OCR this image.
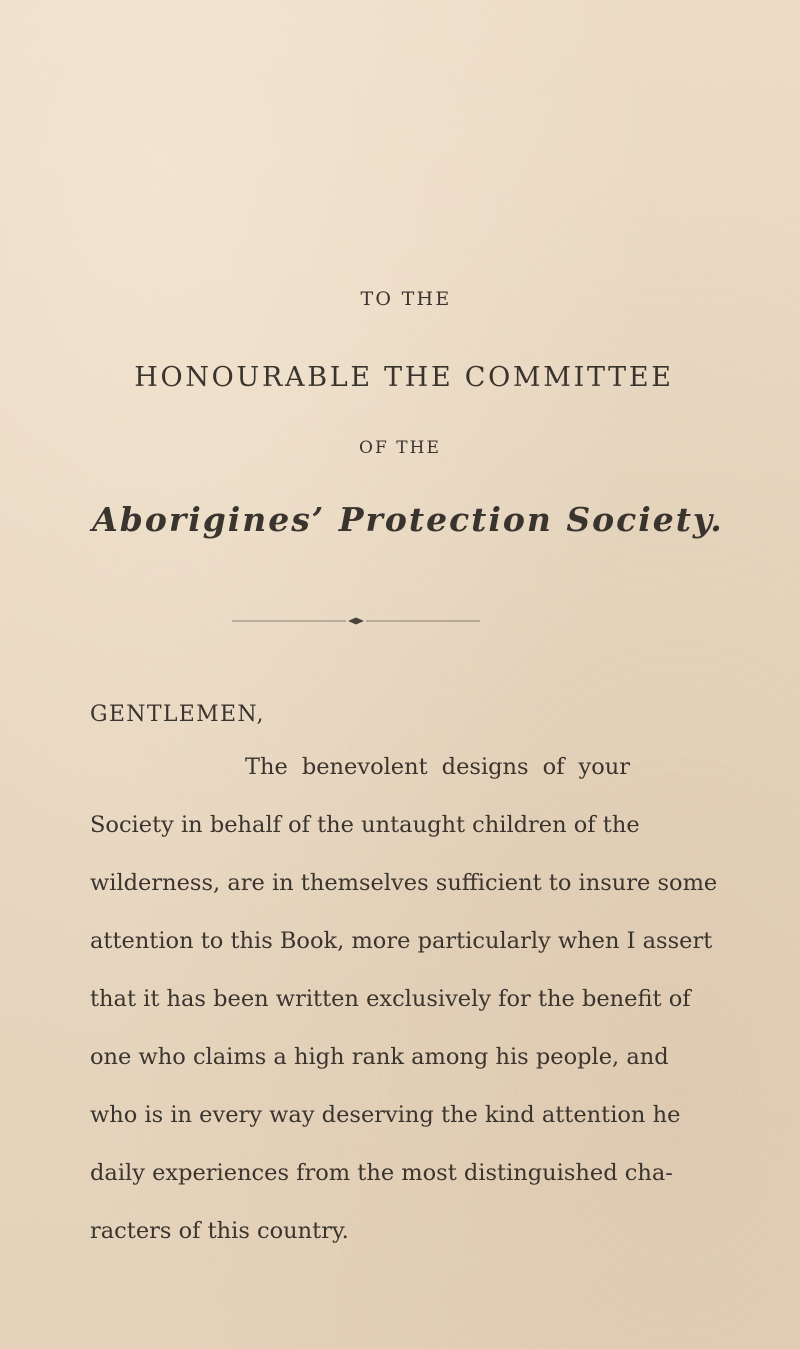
TO THE
HONOURABLE THE COMMITTEE
OF THE
Aborigines’ Protection Society.
GENTLEMEN,
The benevolent designs of your
Society in behalf of the untaught children of the
wilderness, are in themselves sufficient to insure some
attention to this Book, more particularly when I assert
that it has been written exclusively for the benefit of
one who claims a high rank among his people, and
who is in every way deserving the kind attention he
daily experiences from the most distinguished cha-
racters of this country.
